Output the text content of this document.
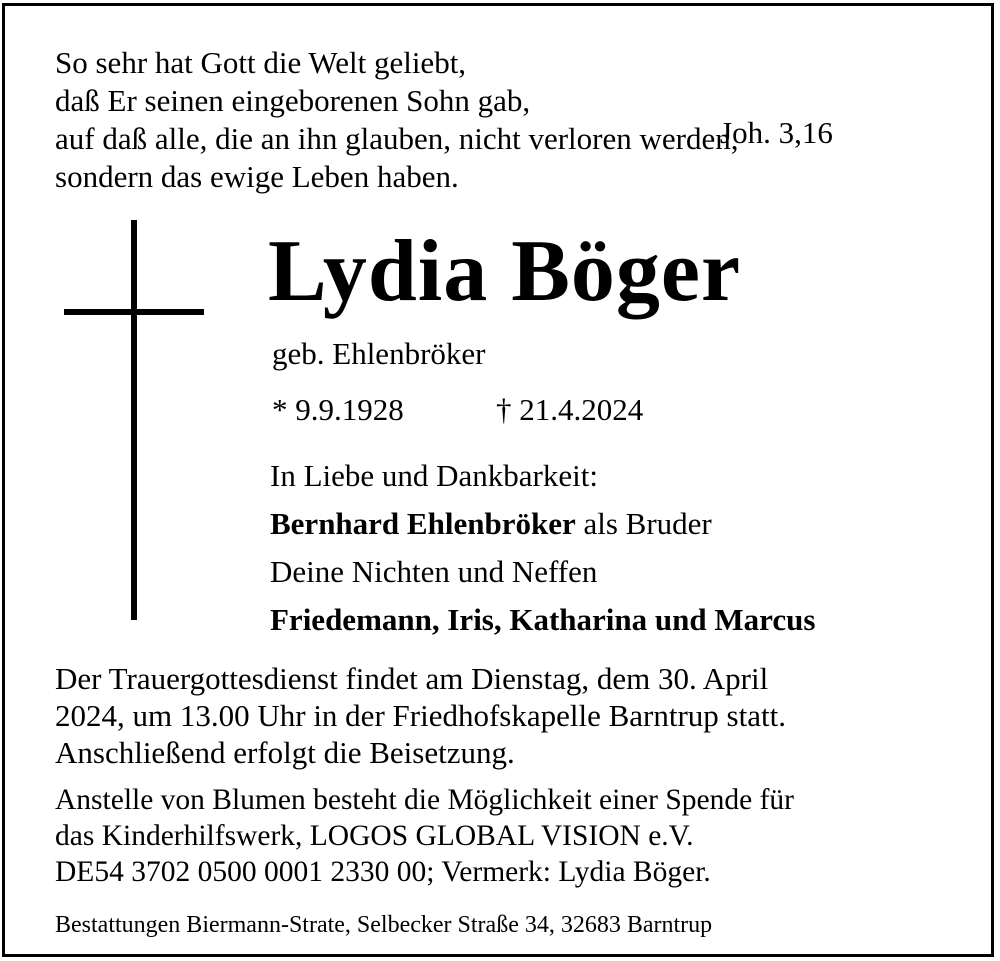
So sehr hat Gott die Welt geliebt,
daß Er seinen eingeborenen Sohn gab,
auf daß alle, die an ihn glauben, nicht verloren werden,
sondern das ewige Leben haben.
Joh. 3,16
Lydia Böger
geb. Ehlenbröker
* 9.9.1928	† 21.4.2024
In Liebe und Dankbarkeit:
Bernhard Ehlenbröker als Bruder
Deine Nichten und Neffen
Friedemann, Iris, Katharina und Marcus
Der Trauergottesdienst findet am Dienstag, dem 30. April
2024, um 13.00 Uhr in der Friedhofskapelle Barntrup statt.
Anschließend erfolgt die Beisetzung.
Anstelle von Blumen besteht die Möglichkeit einer Spende für
das Kinderhilfswerk, LOGOS GLOBAL VISION e.V.
DE54 3702 0500 0001 2330 00; Vermerk: Lydia Böger.
Bestattungen Biermann-Strate, Selbecker Straße 34, 32683 Barntrup
